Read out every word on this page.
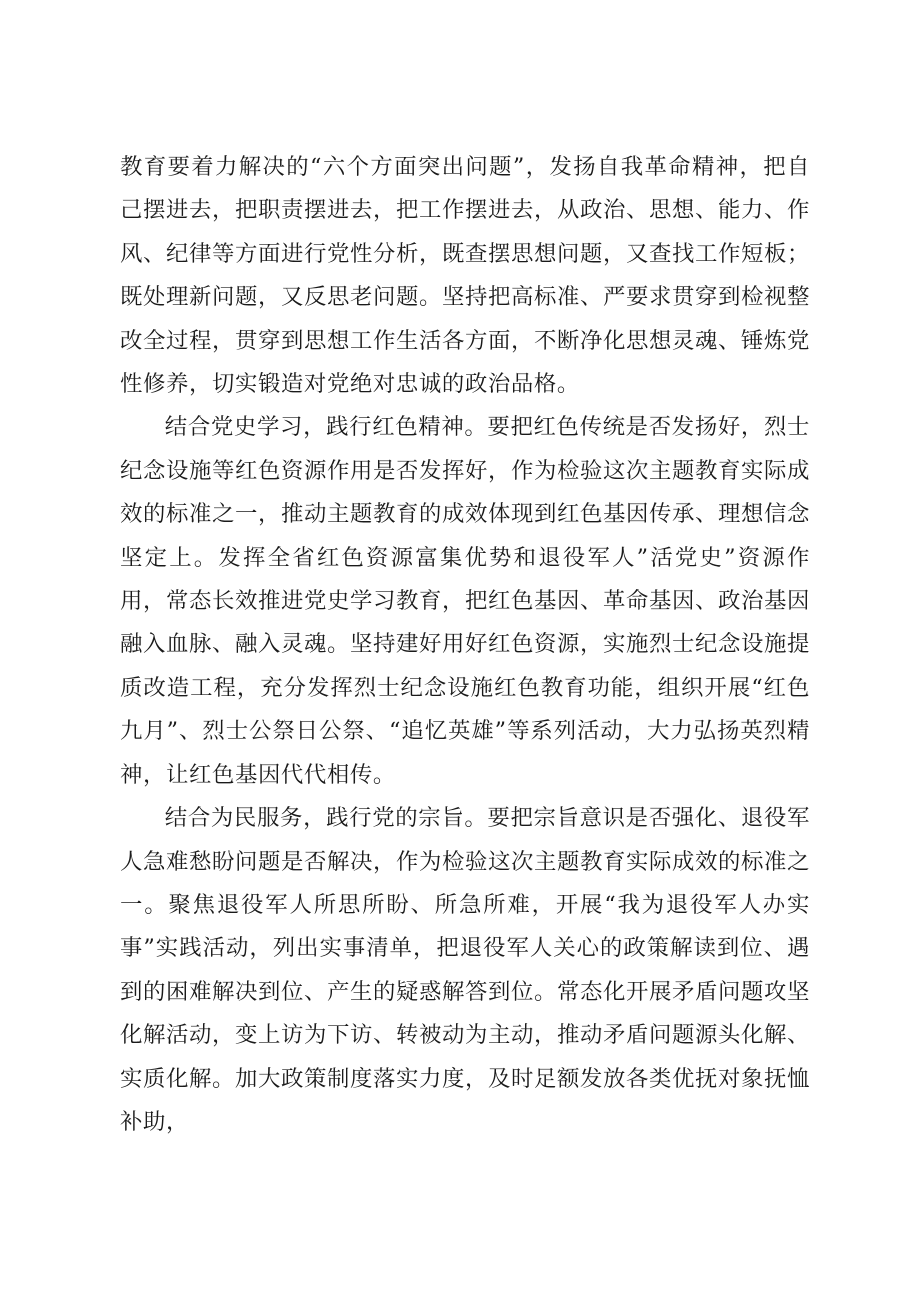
教育要着力解决的“六个方面突出问题”，发扬自我革命精神，把自己摆进去，把职责摆进去，把工作摆进去，从政治、思想、能力、作风、纪律等方面进行党性分析，既查摆思想问题，又查找工作短板；既处理新问题，又反思老问题。坚持把高标准、严要求贯穿到检视整改全过程，贯穿到思想工作生活各方面，不断净化思想灵魂、锤炼党性修养，切实锻造对党绝对忠诚的政治品格。

结合党史学习，践行红色精神。要把红色传统是否发扬好，烈士纪念设施等红色资源作用是否发挥好，作为检验这次主题教育实际成效的标准之一，推动主题教育的成效体现到红色基因传承、理想信念坚定上。发挥全省红色资源富集优势和退役军人”活党史”资源作用，常态长效推进党史学习教育，把红色基因、革命基因、政治基因融入血脉、融入灵魂。坚持建好用好红色资源，实施烈士纪念设施提质改造工程，充分发挥烈士纪念设施红色教育功能，组织开展“红色九月”、烈士公祭日公祭、“追忆英雄”等系列活动，大力弘扬英烈精神，让红色基因代代相传。

结合为民服务，践行党的宗旨。要把宗旨意识是否强化、退役军人急难愁盼问题是否解决，作为检验这次主题教育实际成效的标准之一。聚焦退役军人所思所盼、所急所难，开展“我为退役军人办实事”实践活动，列出实事清单，把退役军人关心的政策解读到位、遇到的困难解决到位、产生的疑惑解答到位。常态化开展矛盾问题攻坚化解活动，变上访为下访、转被动为主动，推动矛盾问题源头化解、实质化解。加大政策制度落实力度，及时足额发放各类优抚对象抚恤补助，
